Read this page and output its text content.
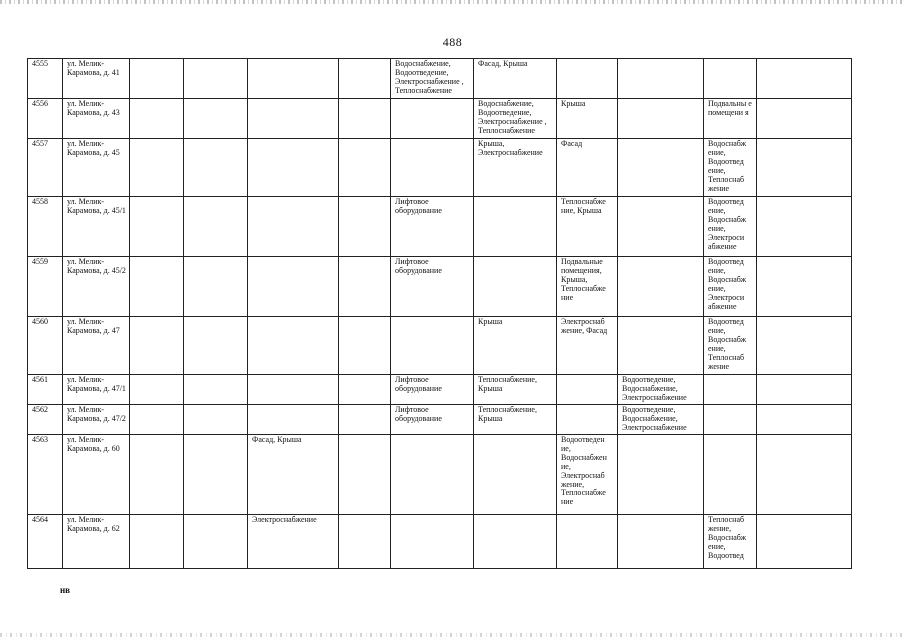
488
4555	ул. Мелик-Карамова, д. 41					Водоснабжение, Водоотведение, Электроснабжение , Теплоснабжение	Фасад, Крыша				
4556	ул. Мелик-Карамова, д. 43						Водоснабжение, Водоотведение, Электроснабжение , Теплоснабжение	Крыша		Подвальны е помещени я	
4557	ул. Мелик-Карамова, д. 45						Крыша, Электроснабжение	Фасад		Водоснабж ение, Водоотвед ение, Теплоснаб жение	
4558	ул. Мелик-Карамова, д. 45/1					Лифтовое оборудование		Теплоснабже ние, Крыша		Водоотвед ение, Водоснабж ение, Электроси абжение	
4559	ул. Мелик-Карамова, д. 45/2					Лифтовое оборудование		Подвальные помещения, Крыша, Теплоснабже ние		Водоотвед ение, Водоснабж ение, Электроси абжение	
4560	ул. Мелик-Карамова, д. 47						Крыша	Электроснаб жение, Фасад		Водоотвед ение, Водоснабж ение, Теплоснаб жение	
4561	ул. Мелик-Карамова, д. 47/1					Лифтовое оборудование	Теплоснабжение, Крыша		Водоотведение, Водоснабжение, Электроснабжение		
4562	ул. Мелик-Карамова, д. 47/2					Лифтовое оборудование	Теплоснабжение, Крыша		Водоотведение, Водоснабжение, Электроснабжение		
4563	ул. Мелик-Карамова, д. 60			Фасад, Крыша				Водоотведен ие, Водоснабжен ие, Электроснаб жение, Теплоснабже ние			
4564	ул. Мелик-Карамова, д. 62			Электроснабжение						Теплоснаб жение, Водоснабж ение, Водоотвед	
нв
